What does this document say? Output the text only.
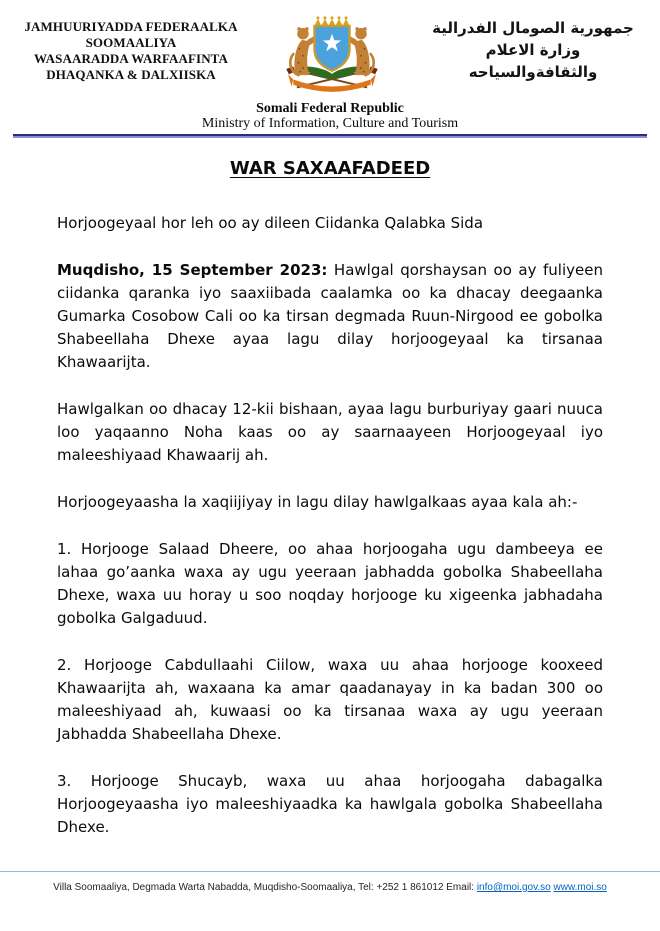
JAMHUURIYADDA FEDERAALKA
SOOMAALIYA
WASAARADDA WARFAAFINTA
DHAQANKA & DALXIISKA
جمهورية الصومال الفدرالية
وزارة الاعلام
والثقافةوالسياحه
Somali Federal Republic
Ministry of Information, Culture and Tourism
WAR SAXAAFADEED

Horjoogeyaal hor leh oo ay dileen Ciidanka Qalabka Sida

Muqdisho, 15 September 2023: Hawlgal qorshaysan oo ay fuliyeen ciidanka qaranka iyo saaxiibada caalamka oo ka dhacay deegaanka Gumarka Cosobow Cali oo ka tirsan degmada Ruun-Nirgood ee gobolka Shabeellaha Dhexe ayaa lagu dilay horjoogeyaal ka tirsanaa Khawaarijta.

Hawlgalkan oo dhacay 12-kii bishaan, ayaa lagu burburiyay gaari nuuca loo yaqaanno Noha kaas oo ay saarnaayeen Horjoogeyaal iyo maleeshiyaad Khawaarij ah.

Horjoogeyaasha la xaqiijiyay in lagu dilay hawlgalkaas ayaa kala ah:-

1. Horjooge Salaad Dheere, oo ahaa horjoogaha ugu dambeeya ee lahaa go’aanka waxa ay ugu yeeraan jabhadda gobolka Shabeellaha Dhexe, waxa uu horay u soo noqday horjooge ku xigeenka jabhadaha gobolka Galgaduud.

2. Horjooge Cabdullaahi Ciilow, waxa uu ahaa horjooge kooxeed Khawaarijta ah, waxaana ka amar qaadanayay in ka badan 300 oo maleeshiyaad ah, kuwaasi oo ka tirsanaa waxa ay ugu yeeraan Jabhadda Shabeellaha Dhexe.

3. Horjooge Shucayb, waxa uu ahaa horjoogaha dabagalka Horjoogeyaasha iyo maleeshiyaadka ka hawlgala gobolka Shabeellaha Dhexe.

Villa Soomaaliya, Degmada Warta Nabadda, Muqdisho-Soomaaliya, Tel: +252 1 861012 Email: info@moi.gov.so www.moi.so
